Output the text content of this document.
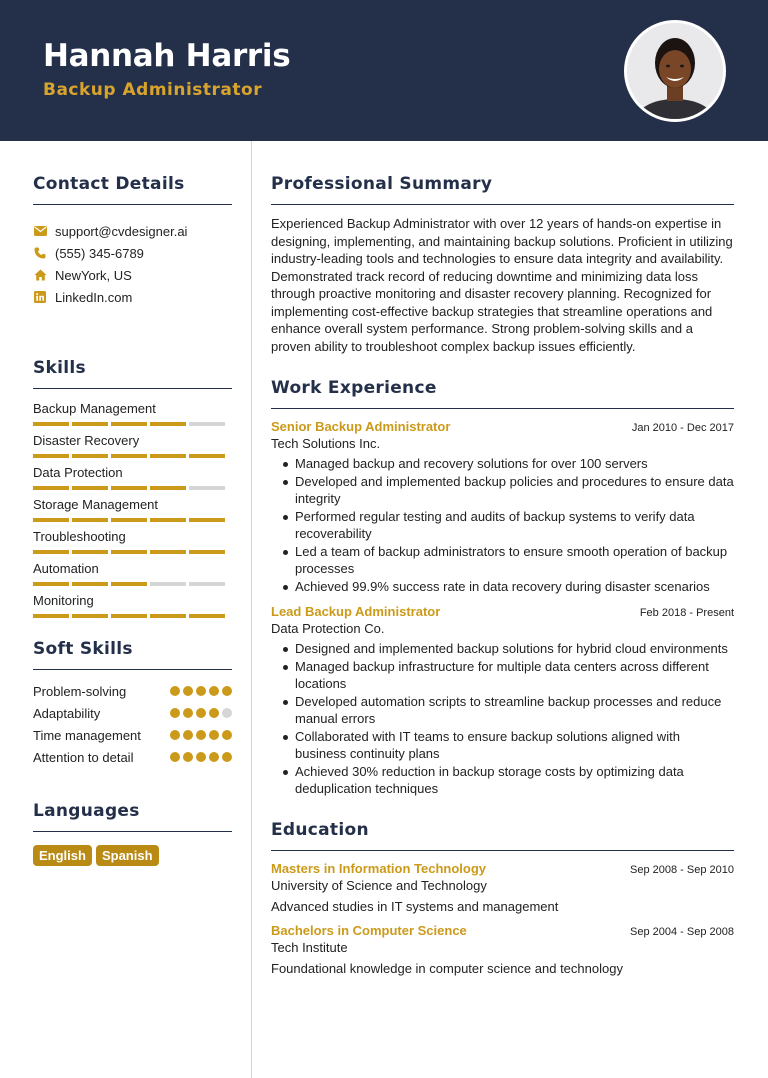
Hannah Harris
Backup Administrator
Contact Details
support@cvdesigner.ai
(555) 345-6789
NewYork, US
LinkedIn.com
Skills
Backup Management
Disaster Recovery
Data Protection
Storage Management
Troubleshooting
Automation
Monitoring
Soft Skills
Problem-solving
Adaptability
Time management
Attention to detail
Languages
English	Spanish
Professional Summary

Experienced Backup Administrator with over 12 years of hands-on expertise in designing, implementing, and maintaining backup solutions. Proficient in utilizing industry-leading tools and technologies to ensure data integrity and availability. Demonstrated track record of reducing downtime and minimizing data loss through proactive monitoring and disaster recovery planning. Recognized for implementing cost-effective backup strategies that streamline operations and enhance overall system performance. Strong problem-solving skills and a proven ability to troubleshoot complex backup issues efficiently.

Work Experience
Senior Backup Administrator	Jan 2010 - Dec 2017
Tech Solutions Inc.
Managed backup and recovery solutions for over 100 servers
Developed and implemented backup policies and procedures to ensure data integrity
Performed regular testing and audits of backup systems to verify data recoverability
Led a team of backup administrators to ensure smooth operation of backup processes
Achieved 99.9% success rate in data recovery during disaster scenarios
Lead Backup Administrator	Feb 2018 - Present
Data Protection Co.
Designed and implemented backup solutions for hybrid cloud environments
Managed backup infrastructure for multiple data centers across different locations
Developed automation scripts to streamline backup processes and reduce manual errors
Collaborated with IT teams to ensure backup solutions aligned with business continuity plans
Achieved 30% reduction in backup storage costs by optimizing data deduplication techniques
Education
Masters in Information Technology	Sep 2008 - Sep 2010
University of Science and Technology
Advanced studies in IT systems and management
Bachelors in Computer Science	Sep 2004 - Sep 2008
Tech Institute
Foundational knowledge in computer science and technology
